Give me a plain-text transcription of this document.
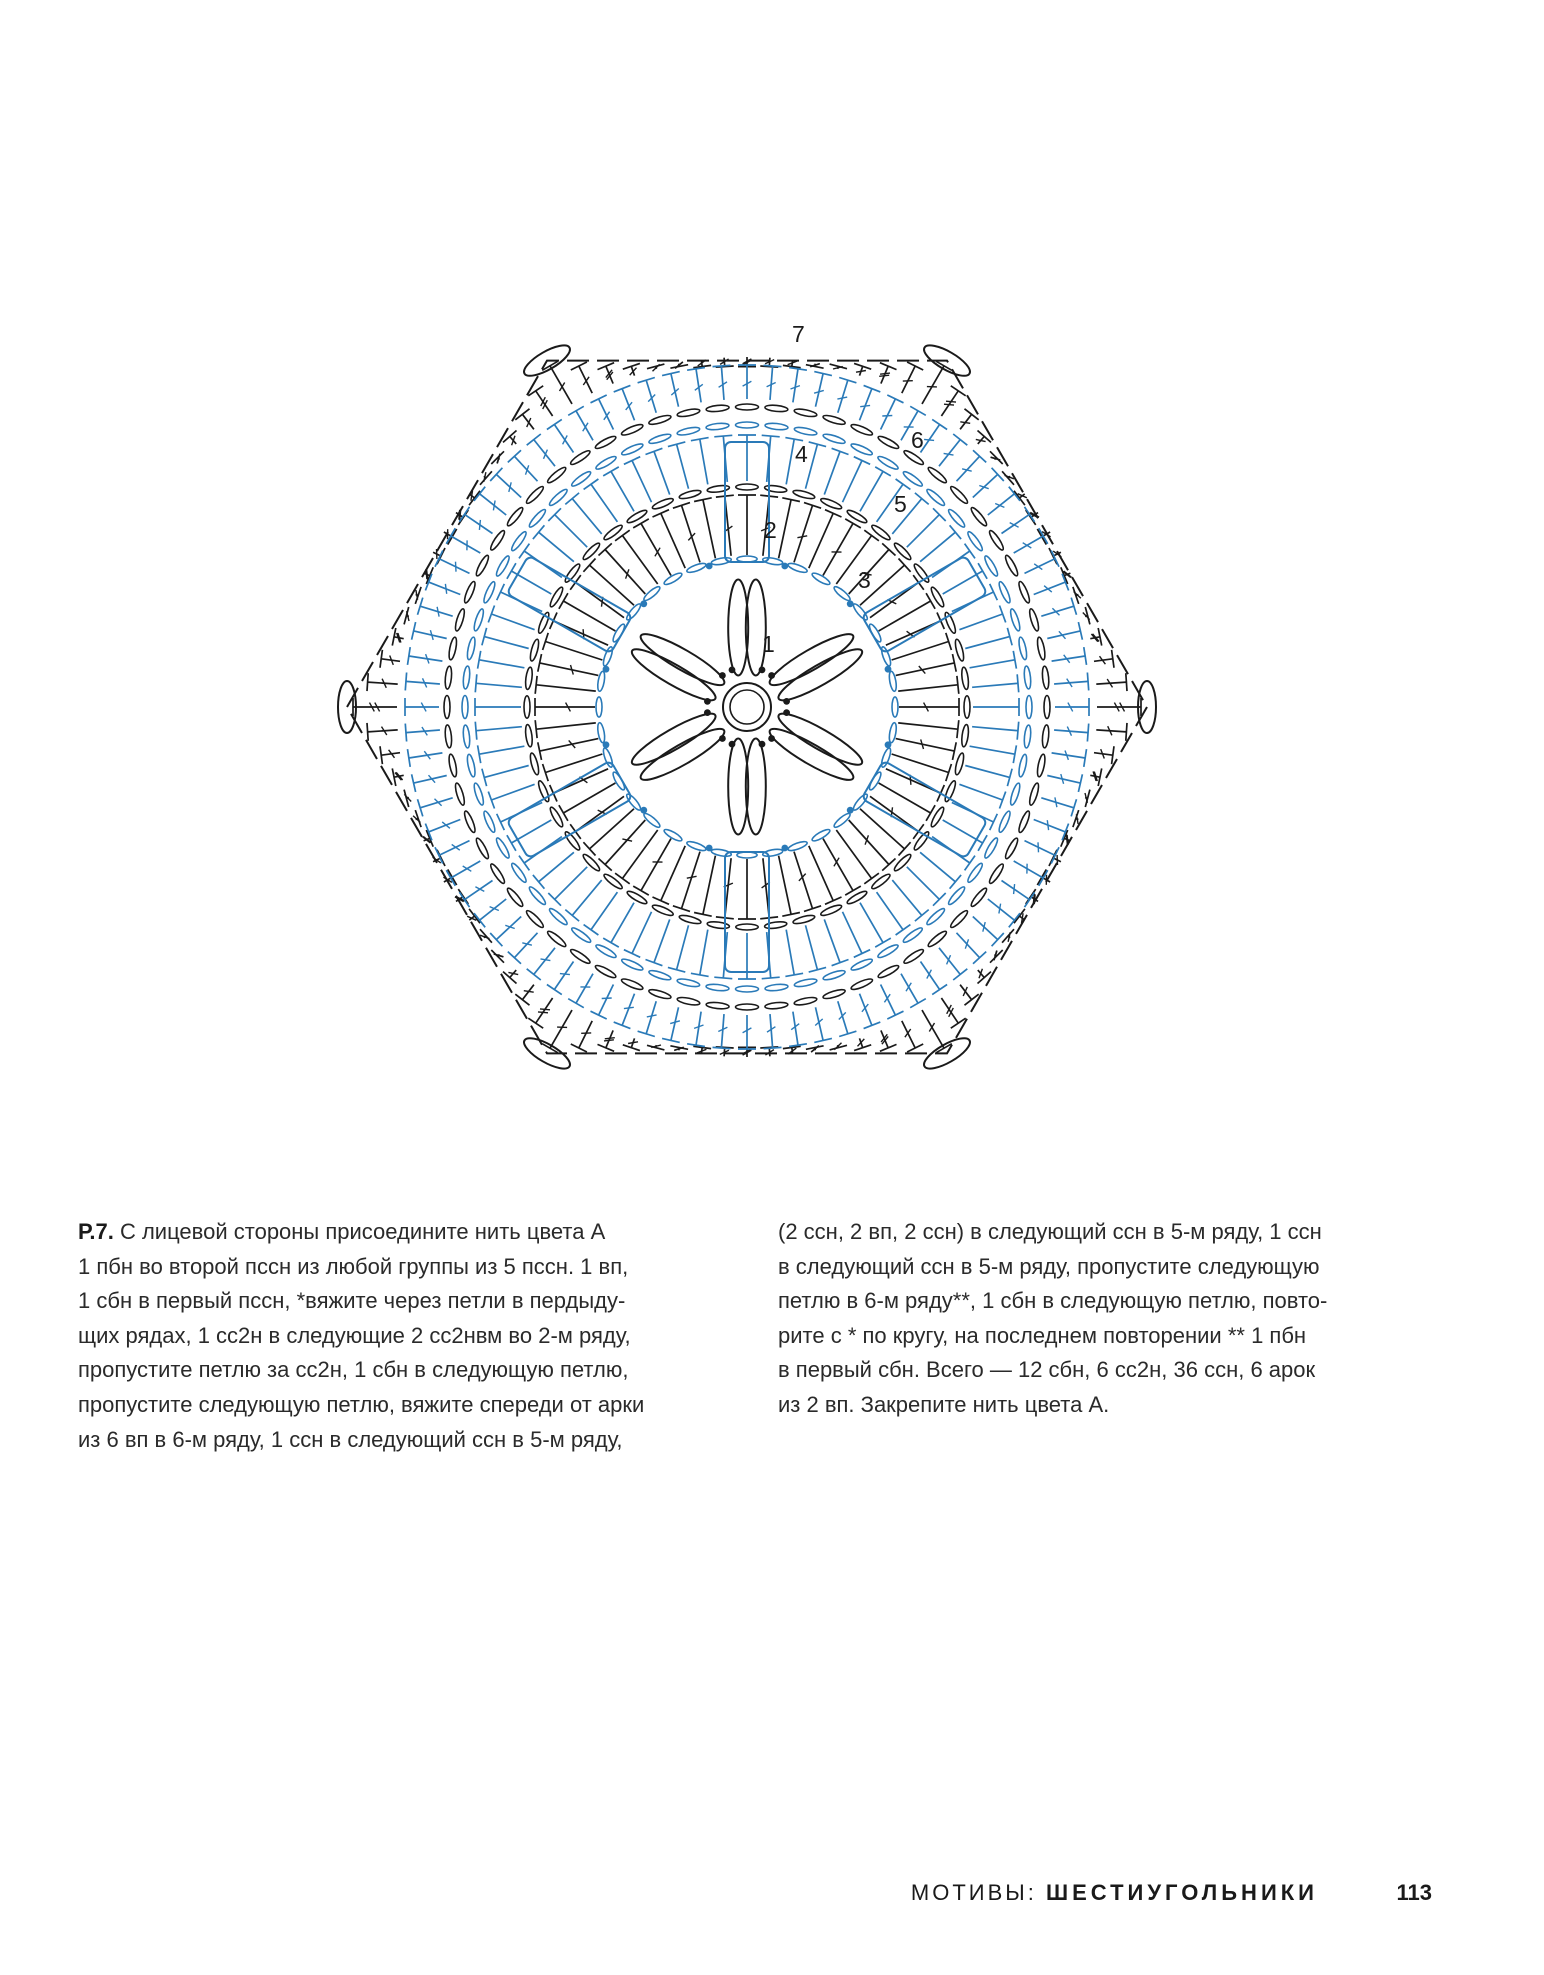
1
2
3
4
5
6
7

Р.7. С лицевой стороны присоедините нить цвета А
1 пбн во второй пссн из любой группы из 5 пссн. 1 вп,
1 сбн в первый пссн, *вяжите через петли в пердыду-
щих рядах, 1 сс2н в следующие 2 сс2нвм во 2-м ряду,
пропустите петлю за сс2н, 1 сбн в следующую петлю,
пропустите следующую петлю, вяжите спереди от арки
из 6 вп в 6-м ряду, 1 ссн в следующий ссн в 5-м ряду,

(2 ссн, 2 вп, 2 ссн) в следующий ссн в 5-м ряду, 1 ссн
в следующий ссн в 5-м ряду, пропустите следующую
петлю в 6-м ряду**, 1 сбн в следующую петлю, повто-
рите с * по кругу, на последнем повторении ** 1 пбн
в первый сбн. Всего — 12 сбн, 6 сс2н, 36 ссн, 6 арок
из 2 вп. Закрепите нить цвета А.

МОТИВЫ: ШЕСТИУГОЛЬНИКИ	113
